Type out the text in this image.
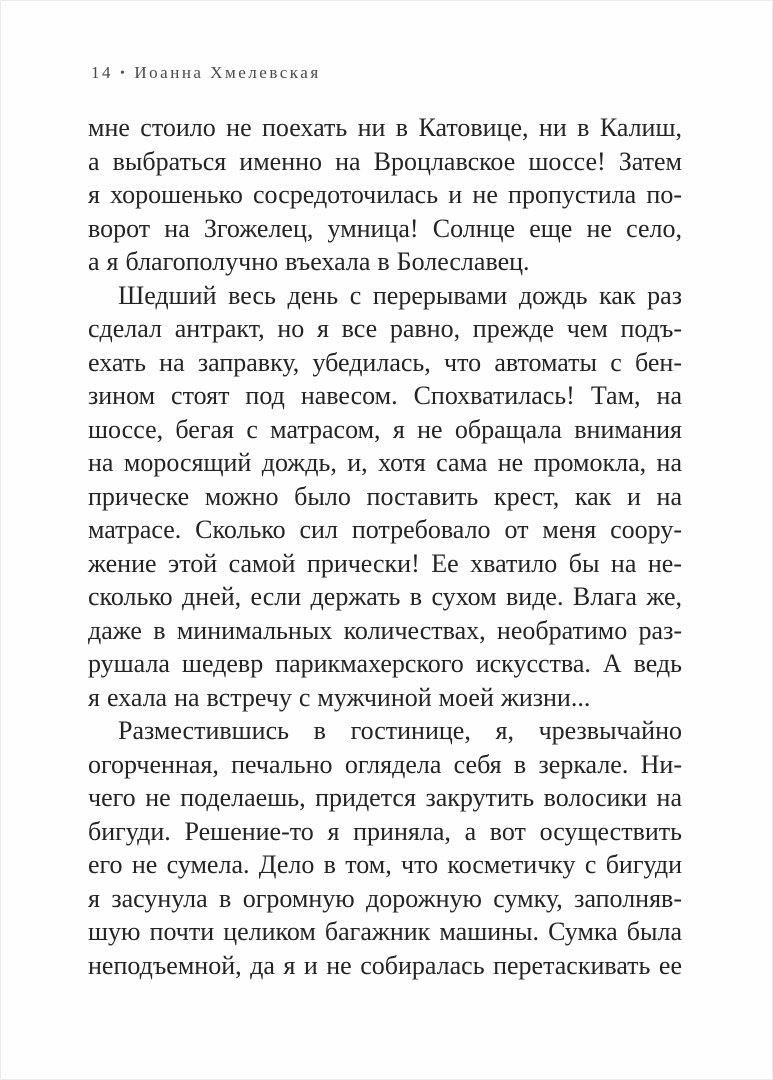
14 • Иоанна Хмелевская
мне стоило не поехать ни в Катовице, ни в Калиш,
а выбраться именно на Вроцлавское шоссе! Затем
я хорошенько сосредоточилась и не пропустила по-
ворот на Згожелец, умница! Солнце еще не село,
а я благополучно въехала в Болеславец.
Шедший весь день с перерывами дождь как раз
сделал антракт, но я все равно, прежде чем подъ-
ехать на заправку, убедилась, что автоматы с бен-
зином стоят под навесом. Спохватилась! Там, на
шоссе, бегая с матрасом, я не обращала внимания
на моросящий дождь, и, хотя сама не промокла, на
прическе можно было поставить крест, как и на
матрасе. Сколько сил потребовало от меня соору-
жение этой самой прически! Ее хватило бы на не-
сколько дней, если держать в сухом виде. Влага же,
даже в минимальных количествах, необратимо раз-
рушала шедевр парикмахерского искусства. А ведь
я ехала на встречу с мужчиной моей жизни...
Разместившись в гостинице, я, чрезвычайно
огорченная, печально оглядела себя в зеркале. Ни-
чего не поделаешь, придется закрутить волосики на
бигуди. Решение-то я приняла, а вот осуществить
его не сумела. Дело в том, что косметичку с бигуди
я засунула в огромную дорожную сумку, заполняв-
шую почти целиком багажник машины. Сумка была
неподъемной, да я и не собиралась перетаскивать ее
